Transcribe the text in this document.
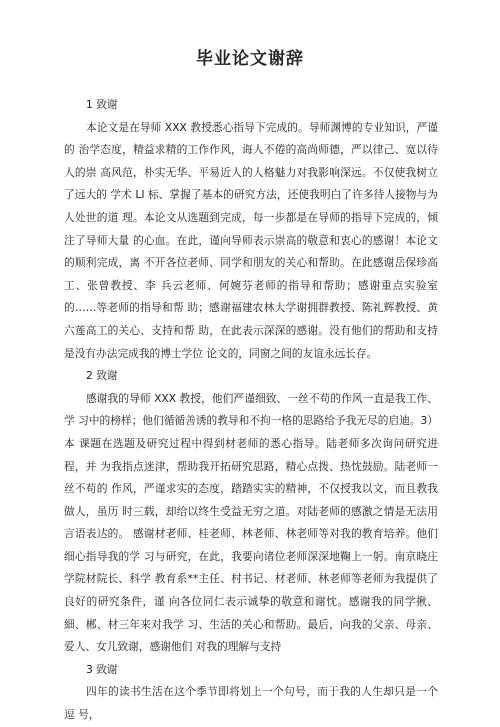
毕业论文谢辞

1 致谢

本论文是在导师 XXX 教授悉心指导下完成的。导师渊博的专业知识，严谨的 治学态度，精益求精的工作作风，诲人不倦的高尚师德，严以律己、宽以待人的崇 高风范，朴实无华、平易近人的人格魅力对我影响深远。不仅使我树立了远大的 学术 LI 标、掌握了基本的研究方法，还使我明白了许多待人接物与为人处世的道 理。本论文从选题到完成，每一步都是在导师的指导下完成的，倾注了导师大量 的心血。在此，谨向导师表示崇高的敬意和衷心的感谢！本论文的顺利完成，离 不开各位老师、同学和朋友的关心和帮助。在此感谢岳保珍高工、张曾教授、李 兵云老师、何婉芬老师的指导和帮助；感谢重点实验室的……等老师的指导和帮 助；感谢福建农林大学谢拥群教授、陈礼辉教授、黄六莲高工的关心、支持和帮 助，在此表示深深的感谢。没有他们的帮助和支持是没有办法完成我的博士学位 论文的，同窗之间的友谊永远长存。

2 致谢

感谢我的导师 XXX 教授，他们严谨细致、一丝不苟的作风一直是我工作、学 习中的榜样；他们循循善诱的教导和不拘一格的思路给予我无尽的启迪。3）本 课题在选题及研究过程中得到材老师的悉心指导。陆老师多次询问研究进程，并 为我指点迷津，帮助我开拓研究思路，精心点拨、热忱鼓励。陆老师一丝不苟的 作风，严谨求实的态度，踏踏实实的精神，不仅授我以文，而且教我做人，虽历 时三载，却给以终生受益无穷之道。对陆老师的感激之情是无法用言语表达的。 感谢材老师、桂老师、林老师、林老师等对我的教育培养。他们细心指导我的学 习与研究，在此，我要向诸位老师深深地鞠上一躬。南京晓庄学院材院长、科学 教育系**主任、村书记、材老师、林老师等老师为我提供了良好的研究条件，谨 向各位同仁表示诚挚的敬意和谢忱。感谢我的同学揪、細、郴、材三年来对我学 习、生活的关心和帮助。最后，向我的父亲、母亲、爱人、女儿致谢，感谢他们 对我的理解与支持

3 致谢

四年的读书生活在这个季节即将划上一个句号，而于我的人生却只是一个逗 号，
